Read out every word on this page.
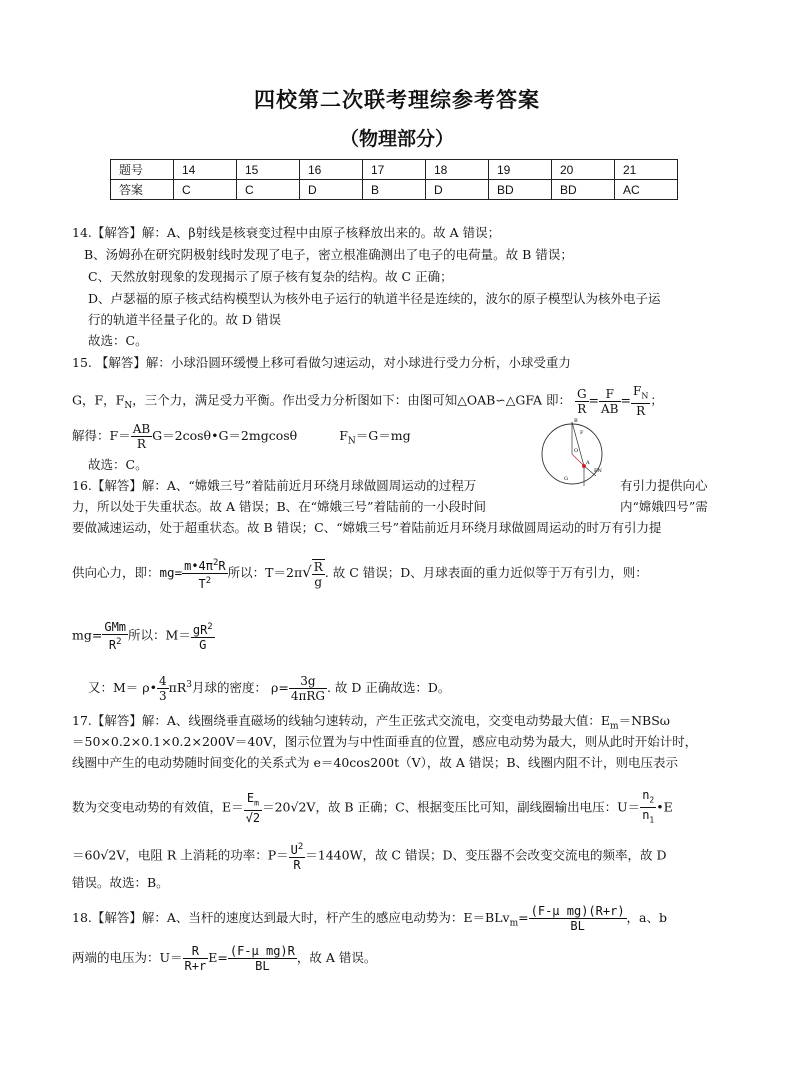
四校第二次联考理综参考答案
（物理部分）
题号	14	15	16	17	18	19	20	21
答案	C	C	D	B	D	BD	BD	AC
14.【解答】解：A、β射线是核衰变过程中由原子核释放出来的。故 A 错误；
B、汤姆孙在研究阴极射线时发现了电子，密立根准确测出了电子的电荷量。故 B 错误；
C、天然放射现象的发现揭示了原子核有复杂的结构。故 C 正确；
D、卢瑟福的原子核式结构模型认为核外电子运行的轨道半径是连续的，波尔的原子模型认为核外电子运
行的轨道半径量子化的。故 D 错误
故选：C。
15. 【解答】解：小球沿圆环缓慢上移可看做匀速运动，对小球进行受力分析，小球受重力
G，F，$F_N$，三个力，满足受力平衡。作出受力分析图如下：由图可知△OAB∽△GFA 即： $\frac{G}{R} = \frac{F}{AB} = \frac{F_N}{R}$ ；
解得：$F= \frac{AB}{R}$ G＝2cosθ•G＝2mgcosθ	$F_N=G=mg$
故选：C。
B
O
A
F
G
FN
16.【解答】解：A、“嫦娥三号”着陆前近月环绕月球做圆周运动的过程万	有引力提供向心
力，所以处于失重状态。故 A 错误；B、在“嫦娥三号”着陆前的一小段时间	内“嫦娥四号”需
要做减速运动，处于超重状态。故 B 错误；C、“嫦娥三号”着陆前近月环绕月球做圆周运动的时万有引力提
供向心力，即：$mg= \frac{m•4\pi^2R}{T^2}$ 所以：$T=2\pi√ \frac{R}{g}$ . 故 C 错误；D、月球表面的重力近似等于万有引力，则：
$mg= \frac{\text{GMm}}{R^2}$ 所以：$M= \frac{gR^2}{G}$
又：M＝ ρ• $\frac{4}{3} \pi R^3$月球的密度： $\rho= \frac{3g}{\text{4πRG}}$ . 故 D 正确故选：D。
17.【解答】解：A、线圈绕垂直磁场的线轴匀速转动，产生正弦式交流电，交变电动势最大值：$E_m=NBS\omega$
＝50×0.2×0.1×0.2×200V＝40V，图示位置为与中性面垂直的位置，感应电动势为最大，则从此时开始计时，
线圈中产生的电动势随时间变化的关系式为 e＝40cos200t（V），故 A 错误；B、线圈内阻不计，则电压表示
数为交变电动势的有效值，$E= \frac{E_m}{√2} =20√2V$，故 B 正确；C、根据变压比可知，副线圈输出电压：$U= \frac{n_2}{n_1}$ •E
＝60√2V，电阻 R 上消耗的功率：$P= \frac{U^2}{R} =1440W$，故 C 错误；D、变压器不会改变交流电的频率，故 D
错误。故选：B。
18.【解答】解：A、当杆的速度达到最大时，杆产生的感应电动势为：$E=BLv_m= \frac{\text{(F-μ mg)(R+r)}}{BL}$ ，a、b
两端的电压为：$U= \frac{R}{R+r} E= \frac{\text{(F-μ mg)R}}{BL}$ ，故 A 错误。
